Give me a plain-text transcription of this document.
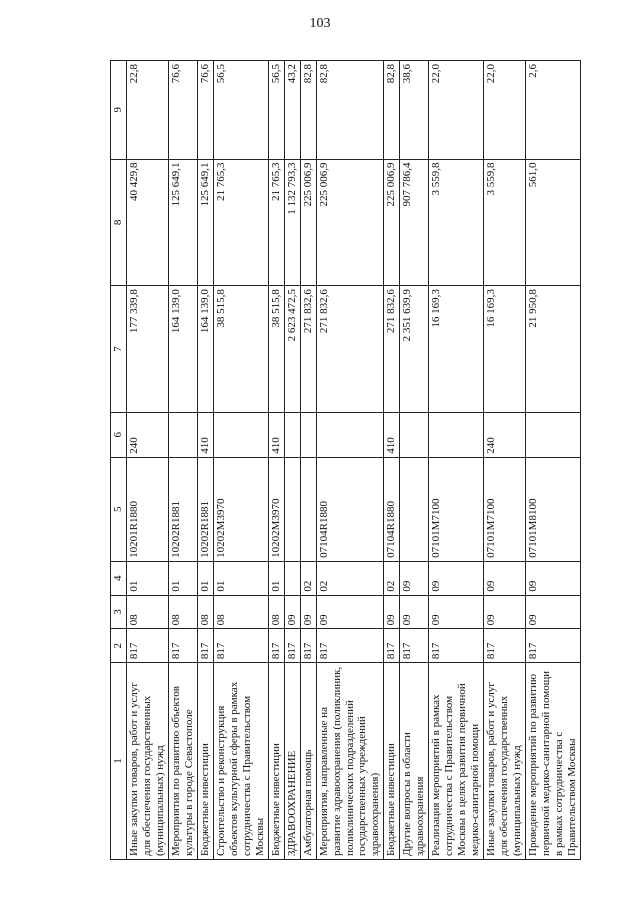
103
1	2	3	4	5	6	7	8	9
Иные закупки товаров, работ и услуг для обеспечения государственных (муниципальных) нужд	817	08	01	10201R1880	240	177 339,8	40 429,8	22,8
Мероприятия по развитию объектов культуры в городе Севастополе	817	08	01	10202R1881		164 139,0	125 649,1	76,6
Бюджетные инвестиции	817	08	01	10202R1881	410	164 139,0	125 649,1	76,6
Строительство и реконструкция объектов культурной сферы в рамках сотрудничества с Правительством Москвы	817	08	01	10202M3970		38 515,8	21 765,3	56,5
Бюджетные инвестиции	817	08	01	10202M3970	410	38 515,8	21 765,3	56,5
ЗДРАВООХРАНЕНИЕ	817	09				2 623 472,5	1 132 793,3	43,2
Амбулаторная помощь	817	09	02			271 832,6	225 006,9	82,8
Мероприятия, направленные на развитие здравоохранения (поликлиник, поликлинических подразделений государственных учреждений здравоохранения)	817	09	02	07104R1880		271 832,6	225 006,9	82,8
Бюджетные инвестиции	817	09	02	07104R1880	410	271 832,6	225 006,9	82,8
Другие вопросы в области здравоохранения	817	09	09			2 351 639,9	907 786,4	38,6
Реализация мероприятий в рамках сотрудничества с Правительством Москвы в целях развития первичной медико-санитарной помощи	817	09	09	07101M7100		16 169,3	3 559,8	22,0
Иные закупки товаров, работ и услуг для обеспечения государственных (муниципальных) нужд	817	09	09	07101M7100	240	16 169,3	3 559,8	22,0
Проведение мероприятий по развитию первичной медико-санитарной помощи в рамках сотрудничества с Правительством Москвы	817	09	09	07101M8100		21 950,8	561,0	2,6
